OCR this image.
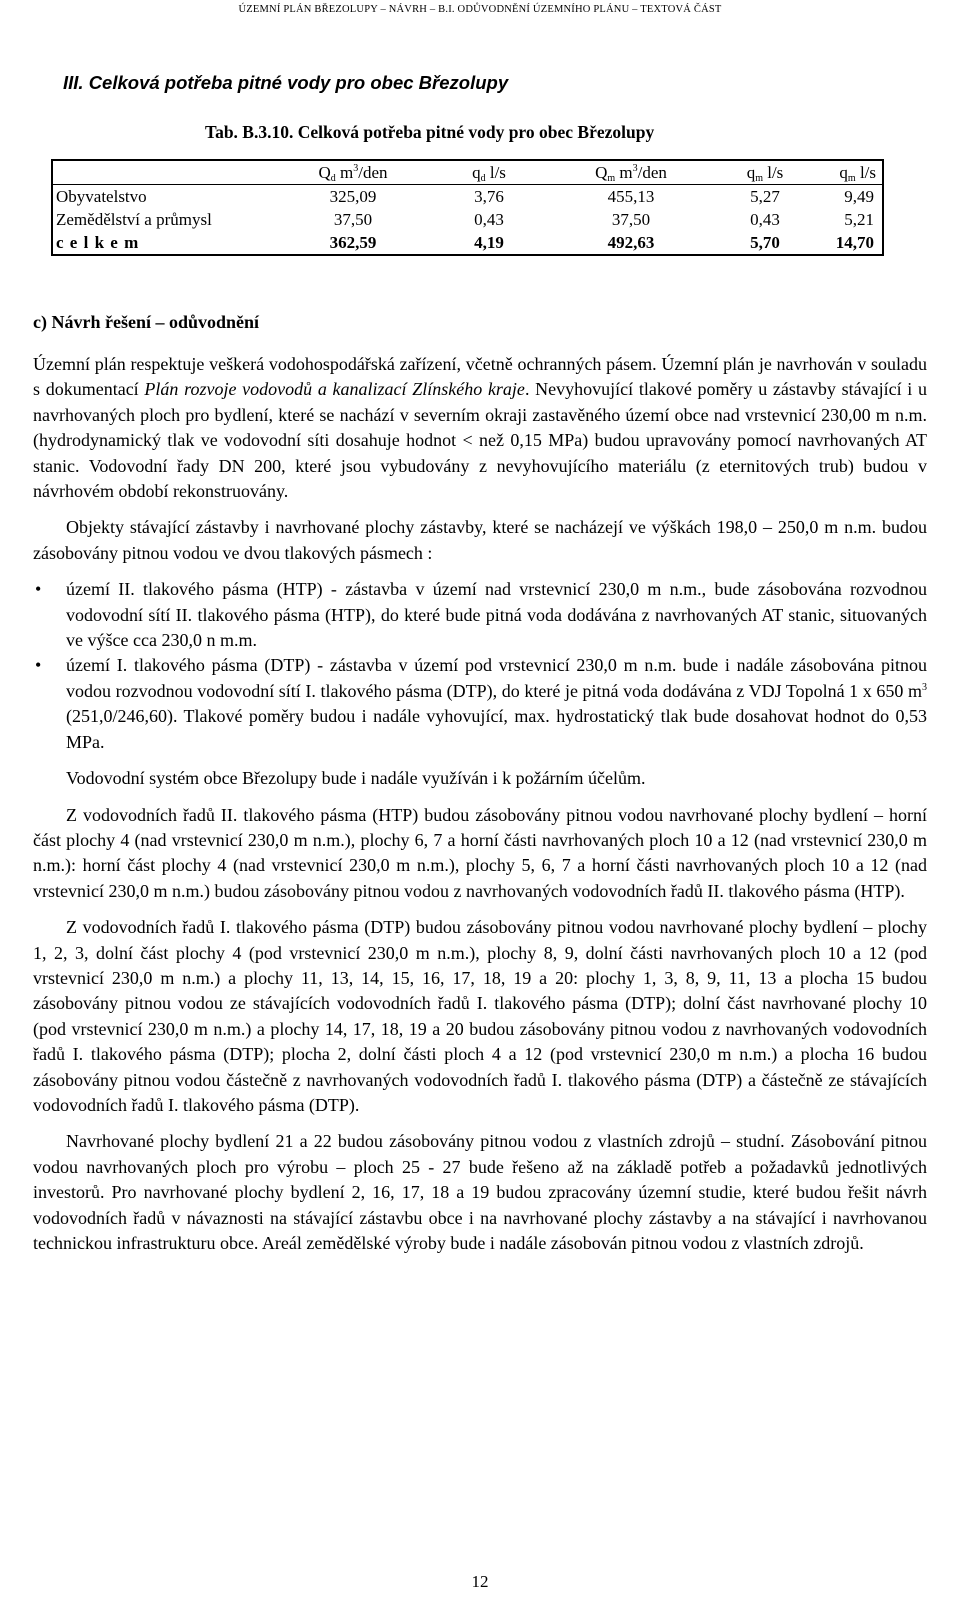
ÚZEMNÍ PLÁN BŘEZOLUPY – NÁVRH – B.I. ODŮVODNĚNÍ ÚZEMNÍHO PLÁNU – TEXTOVÁ ČÁST
III. Celková potřeba pitné vody pro obec Březolupy

Tab. B.3.10. Celková potřeba pitné vody pro obec Březolupy

	$Q_d$ $m^3$/den	$q_d$ l/s	$Q_m$ $m^3$/den	$q_m$ l/s	$q_m$ l/s
Obyvatelstvo	325,09	3,76	455,13	5,27	9,49
Zemědělství a průmysl	37,50	0,43	37,50	0,43	5,21
c e l k e m	362,59	4,19	492,63	5,70	14,70
c) Návrh řešení – odůvodnění

Územní plán respektuje veškerá vodohospodářská zařízení, včetně ochranných pásem. Územní plán je navrhován v souladu s dokumentací Plán rozvoje vodovodů a kanalizací Zlínského kraje. Nevyhovující tlakové poměry u zástavby stávající i u navrhovaných ploch pro bydlení, které se nachází v severním okraji zastavěného území obce nad vrstevnicí 230,00 m n.m. (hydrodynamický tlak ve vodovodní síti dosahuje hodnot < než 0,15 MPa) budou upravovány pomocí navrhovaných AT stanic. Vodovodní řady DN 200, které jsou vybudovány z nevyhovujícího materiálu (z eternitových trub) budou v návrhovém období rekonstruovány.

Objekty stávající zástavby i navrhované plochy zástavby, které se nacházejí ve výškách 198,0 – 250,0 m n.m. budou zásobovány pitnou vodou ve dvou tlakových pásmech :

• území II. tlakového pásma (HTP) - zástavba v území nad vrstevnicí 230,0 m n.m., bude zásobována rozvodnou vodovodní sítí II. tlakového pásma (HTP), do které bude pitná voda dodávána z navrhovaných AT stanic, situovaných ve výšce cca 230,0 n m.m.
• území I. tlakového pásma (DTP) - zástavba v území pod vrstevnicí 230,0 m n.m. bude i nadále zásobována pitnou vodou rozvodnou vodovodní sítí I. tlakového pásma (DTP), do které je pitná voda dodávána z VDJ Topolná 1 x 650 $m^3$ (251,0/246,60). Tlakové poměry budou i nadále vyhovující, max. hydrostatický tlak bude dosahovat hodnot do 0,53 MPa.

Vodovodní systém obce Březolupy bude i nadále využíván i k požárním účelům.

Z vodovodních řadů II. tlakového pásma (HTP) budou zásobovány pitnou vodou navrhované plochy bydlení – horní část plochy 4 (nad vrstevnicí 230,0 m n.m.), plochy 6, 7 a horní části navrhovaných ploch 10 a 12 (nad vrstevnicí 230,0 m n.m.): horní část plochy 4 (nad vrstevnicí 230,0 m n.m.), plochy 5, 6, 7 a horní části navrhovaných ploch 10 a 12 (nad vrstevnicí 230,0 m n.m.) budou zásobovány pitnou vodou z navrhovaných vodovodních řadů II. tlakového pásma (HTP).

Z vodovodních řadů I. tlakového pásma (DTP) budou zásobovány pitnou vodou navrhované plochy bydlení – plochy 1, 2, 3, dolní část plochy 4 (pod vrstevnicí 230,0 m n.m.), plochy 8, 9, dolní části navrhovaných ploch 10 a 12 (pod vrstevnicí 230,0 m n.m.) a plochy 11, 13, 14, 15, 16, 17, 18, 19 a 20: plochy 1, 3, 8, 9, 11, 13 a plocha 15 budou zásobovány pitnou vodou ze stávajících vodovodních řadů I. tlakového pásma (DTP); dolní část navrhované plochy 10 (pod vrstevnicí 230,0 m n.m.) a plochy 14, 17, 18, 19 a 20 budou zásobovány pitnou vodou z navrhovaných vodovodních řadů I. tlakového pásma (DTP); plocha 2, dolní části ploch 4 a 12 (pod vrstevnicí 230,0 m n.m.) a plocha 16 budou zásobovány pitnou vodou částečně z navrhovaných vodovodních řadů I. tlakového pásma (DTP) a částečně ze stávajících vodovodních řadů I. tlakového pásma (DTP).

Navrhované plochy bydlení 21 a 22 budou zásobovány pitnou vodou z vlastních zdrojů – studní. Zásobování pitnou vodou navrhovaných ploch pro výrobu – ploch 25 - 27 bude řešeno až na základě potřeb a požadavků jednotlivých investorů. Pro navrhované plochy bydlení 2, 16, 17, 18 a 19 budou zpracovány územní studie, které budou řešit návrh vodovodních řadů v návaznosti na stávající zástavbu obce i na navrhované plochy zástavby a na stávající i navrhovanou technickou infrastrukturu obce. Areál zemědělské výroby bude i nadále zásobován pitnou vodou z vlastních zdrojů.

12
